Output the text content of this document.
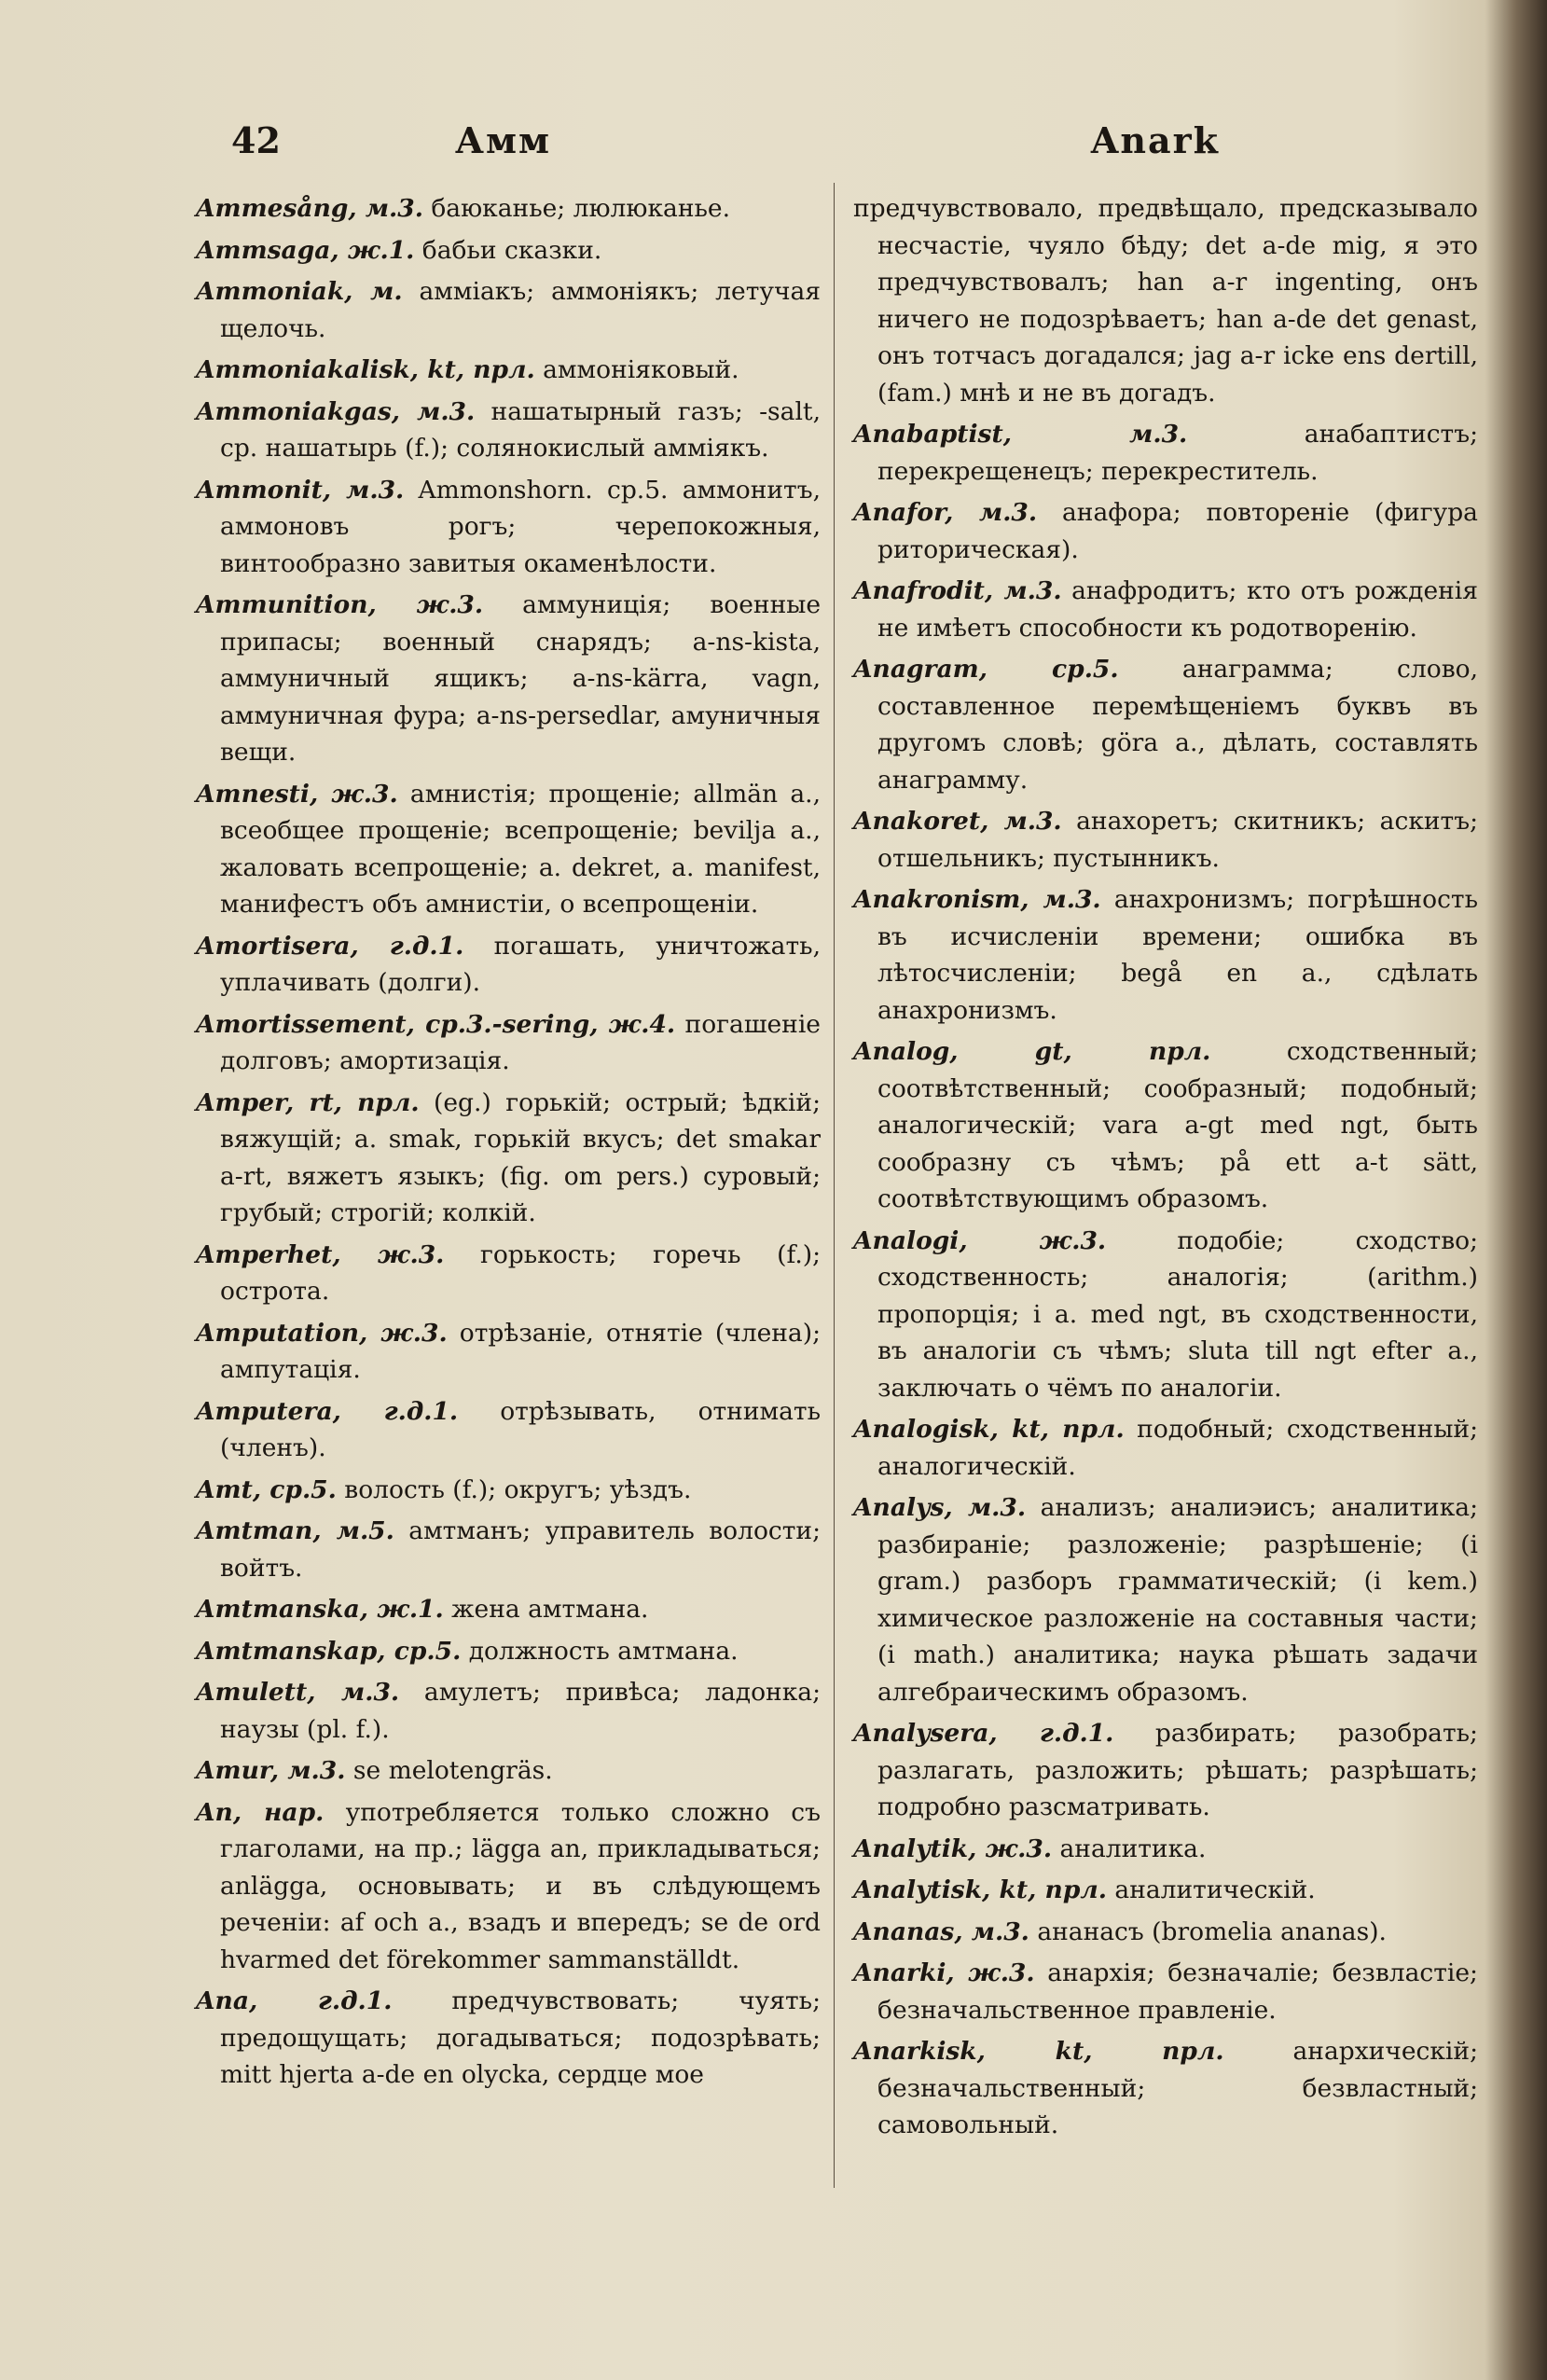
42	Амм	Anark

Ammesång, м.3. баюканье; люлюканье.

Ammsaga, ж.1. бабьи сказки.

Ammoniak, м. амміакъ; аммоніякъ; летучая щелочь.

Ammoniakalisk, kt, прл. аммоніяковый.

Ammoniakgas, м.3. нашатырный газъ; -salt, ср. нашатырь (f.); солянокислый амміякъ.

Ammonit, м.3. Ammonshorn. ср.5. аммонитъ, аммоновъ рогъ; черепокожныя, винтообразно завитыя окаменѣлости.

Ammunition, ж.3. аммуниція; военные припасы; военный снарядъ; a-ns-kista, аммуничный ящикъ; a-ns-kärra, vagn, аммуничная фура; a-ns-persedlar, амуничныя вещи.

Amnesti, ж.3. амнистія; прощеніе; allmän a., всеобщее прощеніе; всепрощеніе; bevilja a., жаловать всепрощеніе; a. dekret, a. manifest, манифестъ объ амнистіи, о всепрощеніи.

Amortisera, г.д.1. погашать, уничтожать, уплачивать (долги).

Amortissement, ср.3.-sering, ж.4. погашеніе долговъ; амортизація.

Amper, rt, прл. (eg.) горькій; острый; ѣдкій; вяжущій; a. smak, горькій вкусъ; det smakar a-rt, вяжетъ языкъ; (fig. om pers.) суровый; грубый; строгій; колкій.

Amperhet, ж.3. горькость; горечь (f.); острота.

Amputation, ж.3. отрѣзаніе, отнятіе (члена); ампутація.

Amputera, г.д.1. отрѣзывать, отнимать (членъ).

Amt, ср.5. волость (f.); округъ; уѣздъ.

Amtman, м.5. амтманъ; управитель волости; войтъ.

Amtmanska, ж.1. жена амтмана.

Amtmanskap, ср.5. должность амтмана.

Amulett, м.3. амулетъ; привѣса; ладонка; наузы (pl. f.).

Amur, м.3. se melotengräs.

An, нар. употребляется только сложно съ глаголами, на пр.; lägga an, прикладываться; anlägga, основывать; и въ слѣдующемъ реченіи: af och a., взадъ и впередъ; se de ord hvarmed det förekommer sammanställdt.

Ana, г.д.1. предчувствовать; чуять; предощущать; догадываться; подозрѣвать; mitt hjerta a-de en olycka, сердце мое

предчувствовало, предвѣщало, предсказывало несчастіе, чуяло бѣду; det a-de mig, я это предчувствовалъ; han a-r ingenting, онъ ничего не подозрѣваетъ; han a-de det genast, онъ тотчасъ догадался; jag a-r icke ens dertill, (fam.) мнѣ и не въ догадъ.

Anabaptist, м.3. анабаптистъ; перекрещенецъ; перекреститель.

Anafor, м.3. анафора; повтореніе (фигура риторическая).

Anafrodit, м.3. анафродитъ; кто отъ рожденія не имѣетъ способности къ родотворенію.

Anagram, ср.5. анаграмма; слово, составленное перемѣщеніемъ буквъ въ другомъ словѣ; göra a., дѣлать, составлять анаграмму.

Anakoret, м.3. анахоретъ; скитникъ; аскитъ; отшельникъ; пустынникъ.

Anakronism, м.3. анахронизмъ; погрѣшность въ исчисленіи времени; ошибка въ лѣтосчисленіи; begå en a., сдѣлать анахронизмъ.

Analog, gt, прл. сходственный; соотвѣтственный; сообразный; подобный; аналогическій; vara a-gt med ngt, быть сообразну съ чѣмъ; på ett a-t sätt, соотвѣтствующимъ образомъ.

Analogi, ж.3. подобіе; сходство; сходственность; аналогія; (arithm.) пропорція; i a. med ngt, въ сходственности, въ аналогіи съ чѣмъ; sluta till ngt efter a., заключать о чёмъ по аналогіи.

Analogisk, kt, прл. подобный; сходственный; аналогическій.

Analys, м.3. анализъ; аналиэисъ; аналитика; разбираніе; разложеніе; разрѣшеніе; (i gram.) разборъ грамматическій; (i kem.) химическое разложеніе на составныя части; (i math.) аналитика; наука рѣшать задачи алгебраическимъ образомъ.

Analysera, г.д.1. разбирать; разобрать; разлагать, разложить; рѣшать; разрѣшать; подробно разсматривать.

Analytik, ж.3. аналитика.

Analytisk, kt, прл. аналитическій.

Ananas, м.3. ананасъ (bromelia ananas).

Anarki, ж.3. анархія; безначаліе; безвластіе; безначальственное правленіе.

Anarkisk, kt, прл. анархическій; безначальственный; безвластный; самовольный.
